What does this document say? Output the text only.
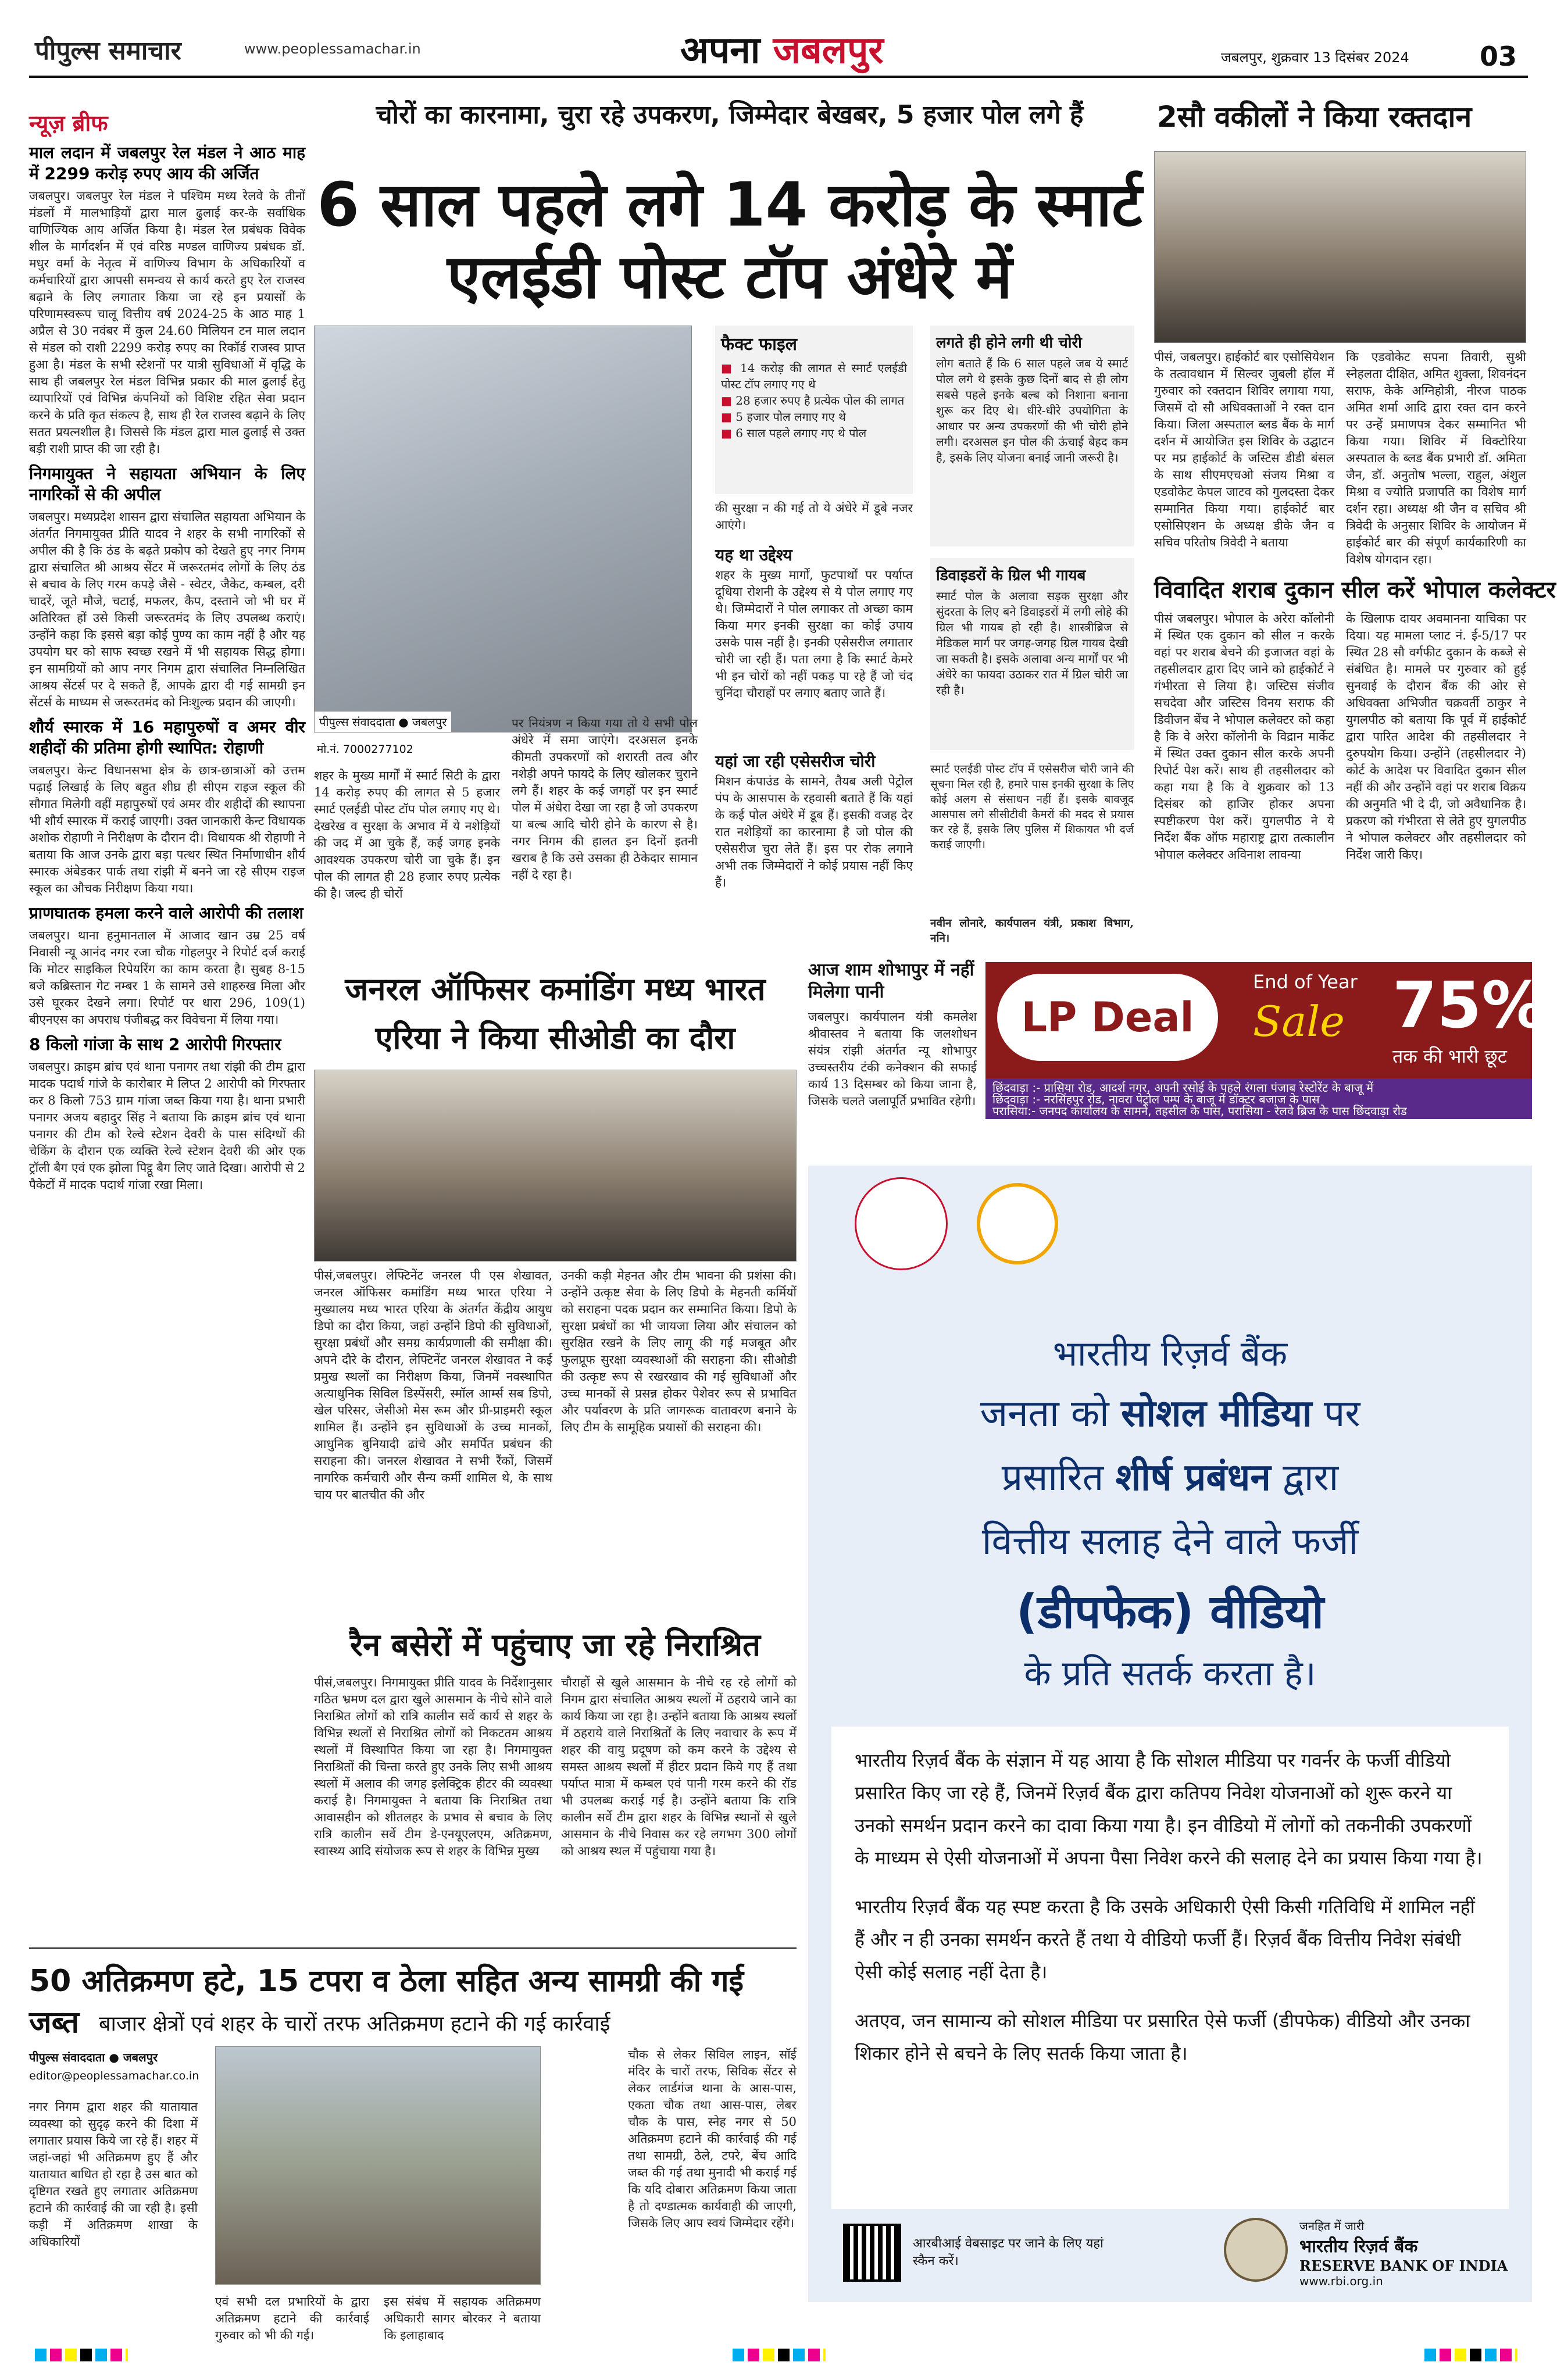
पीपुल्स समाचार	www.peoplessamachar.in	अपना जबलपुर	जबलपुर, शुक्रवार 13 दिसंबर 2024	03
न्यूज़ ब्रीफ
माल लदान में जबलपुर रेल मंडल ने आठ माह में 2299 करोड़ रुपए आय की अर्जित

जबलपुर। जबलपुर रेल मंडल ने पश्चिम मध्य रेलवे के तीनों मंडलों में मालभाड़ियों द्वारा माल ढुलाई कर-के सर्वाधिक वाणिज्यिक आय अर्जित किया है। मंडल रेल प्रबंधक विवेक शील के मार्गदर्शन में एवं वरिष्ठ मण्डल वाणिज्य प्रबंधक डॉ. मधुर वर्मा के नेतृत्व में वाणिज्य विभाग के अधिकारियों व कर्मचारियों द्वारा आपसी समन्वय से कार्य करते हुए रेल राजस्व बढ़ाने के लिए लगातार किया जा रहे इन प्रयासों के परिणामस्वरूप चालू वित्तीय वर्ष 2024-25 के आठ माह 1 अप्रैल से 30 नवंबर में कुल 24.60 मिलियन टन माल लदान से मंडल को राशी 2299 करोड़ रुपए का रिकॉर्ड राजस्व प्राप्त हुआ है। मंडल के सभी स्टेशनों पर यात्री सुविधाओं में वृद्धि के साथ ही जबलपुर रेल मंडल विभिन्न प्रकार की माल ढुलाई हेतु व्यापारियों एवं विभिन्न कंपनियों को विशिष्ट रहित सेवा प्रदान करने के प्रति कृत संकल्प है, साथ ही रेल राजस्व बढ़ाने के लिए सतत प्रयत्नशील है। जिससे कि मंडल द्वारा माल ढुलाई से उक्त बड़ी राशी प्राप्त की जा रही है।

निगमायुक्त ने सहायता अभियान के लिए नागरिकों से की अपील

जबलपुर। मध्यप्रदेश शासन द्वारा संचालित सहायता अभियान के अंतर्गत निगमायुक्त प्रीति यादव ने शहर के सभी नागरिकों से अपील की है कि ठंड के बढ़ते प्रकोप को देखते हुए नगर निगम द्वारा संचालित श्री आश्रय सेंटर में जरूरतमंद लोगों के लिए ठंड से बचाव के लिए गरम कपड़े जैसे - स्वेटर, जैकेट, कम्बल, दरी चादरें, जूते मौजे, चटाई, मफलर, कैप, दस्ताने जो भी घर में अतिरिक्त हों उसे किसी जरूरतमंद के लिए उपलब्ध कराएं। उन्होंने कहा कि इससे बड़ा कोई पुण्य का काम नहीं है और यह उपयोग घर को साफ स्वच्छ रखने में भी सहायक सिद्ध होगा। इन सामग्रियों को आप नगर निगम द्वारा संचालित निम्नलिखित आश्रय सेंटर्स पर दे सकते हैं, आपके द्वारा दी गई सामग्री इन सेंटर्स के माध्यम से जरूरतमंद को निःशुल्क प्रदान की जाएगी।

शौर्य स्मारक में 16 महापुरुषों व अमर वीर शहीदों की प्रतिमा होगी स्थापित: रोहाणी

जबलपुर। केन्ट विधानसभा क्षेत्र के छात्र-छात्राओं को उत्तम पढ़ाई लिखाई के लिए बहुत शीघ्र ही सीएम राइज स्कूल की सौगात मिलेगी वहीं महापुरुषों एवं अमर वीर शहीदों की स्थापना भी शौर्य स्मारक में कराई जाएगी। उक्त जानकारी केन्ट विधायक अशोक रोहाणी ने निरीक्षण के दौरान दी। विधायक श्री रोहाणी ने बताया कि आज उनके द्वारा बड़ा पत्थर स्थित निर्माणाधीन शौर्य स्मारक अंबेडकर पार्क तथा रांझी में बनने जा रहे सीएम राइज स्कूल का औचक निरीक्षण किया गया।

प्राणघातक हमला करने वाले आरोपी की तलाश

जबलपुर। थाना हनुमानताल में आजाद खान उम्र 25 वर्ष निवासी न्यू आनंद नगर रजा चौक गोहलपुर ने रिपोर्ट दर्ज कराई कि मोटर साइकिल रिपेयरिंग का काम करता है। सुबह 8-15 बजे कब्रिस्तान गेट नम्बर 1 के सामने उसे शाहरुख मिला और उसे घूरकर देखने लगा। रिपोर्ट पर धारा 296, 109(1) बीएनएस का अपराध पंजीबद्ध कर विवेचना में लिया गया।

8 किलो गांजा के साथ 2 आरोपी गिरफ्तार

जबलपुर। क्राइम ब्रांच एवं थाना पनागर तथा रांझी की टीम द्वारा मादक पदार्थ गांजे के कारोबार मे लिप्त 2 आरोपी को गिरफ्तार कर 8 किलो 753 ग्राम गांजा जब्त किया गया है। थाना प्रभारी पनागर अजय बहादुर सिंह ने बताया कि क्राइम ब्रांच एवं थाना पनागर की टीम को रेल्वे स्टेशन देवरी के पास संदिग्धों की चेकिंग के दौरान एक व्यक्ति रेल्वे स्टेशन देवरी की ओर एक ट्रॉली बैग एवं एक झोला पिट्ठू बैग लिए जाते दिखा। आरोपी से 2 पैकेटों में मादक पदार्थ गांजा रखा मिला।

चोरों का कारनामा, चुरा रहे उपकरण, जिम्मेदार बेखबर, 5 हजार पोल लगे हैं
6 साल पहले लगे 14 करोड़ के स्मार्ट एलईडी पोस्ट टॉप अंधेरे में
पीपुल्स संवाददाता ● जबलपुर
मो.नं. 7000277102
शहर के मुख्य मार्गों में स्मार्ट सिटी के द्वारा 14 करोड़ रुपए की लागत से 5 हजार स्मार्ट एलईडी पोस्ट टॉप पोल लगाए गए थे। देखरेख व सुरक्षा के अभाव में ये नशेड़ियों की जद में आ चुके हैं, कई जगह इनके आवश्यक उपकरण चोरी जा चुके हैं। इन पोल की लागत ही 28 हजार रुपए प्रत्येक की है। जल्द ही चोरों
पर नियंत्रण न किया गया तो ये सभी पोल अंधेरे में समा जाएंगे। दरअसल इनके कीमती उपकरणों को शरारती तत्व और नशेड़ी अपने फायदे के लिए खोलकर चुराने लगे हैं। शहर के कई जगहों पर इन स्मार्ट पोल में अंधेरा देखा जा रहा है जो उपकरण या बल्ब आदि चोरी होने के कारण से है। नगर निगम की हालत इन दिनों इतनी खराब है कि उसे उसका ही ठेकेदार सामान नहीं दे रहा है।
फैक्ट फाइल
■ 14 करोड़ की लागत से स्मार्ट एलईडी पोस्ट टॉप लगाए गए थे
■ 28 हजार रुपए है प्रत्येक पोल की लागत
■ 5 हजार पोल लगाए गए थे
■ 6 साल पहले लगाए गए थे पोल
की सुरक्षा न की गई तो ये अंधेरे में डूबे नजर आएंगे।
यह था उद्देश्य
शहर के मुख्य मार्गों, फुटपाथों पर पर्याप्त दूधिया रोशनी के उद्देश्य से ये पोल लगाए गए थे। जिम्मेदारों ने पोल लगाकर तो अच्छा काम किया मगर इनकी सुरक्षा का कोई उपाय उसके पास नहीं है। इनकी एसेसरीज लगातार चोरी जा रही हैं। पता लगा है कि स्मार्ट केमरे भी इन चोरों को नहीं पकड़ पा रहे हैं जो चंद चुनिंदा चौराहों पर लगाए बताए जाते हैं।
यहां जा रही एसेसरीज चोरी
मिशन कंपाउंड के सामने, तैयब अली पेट्रोल पंप के आसपास के रहवासी बताते हैं कि यहां के कई पोल अंधेरे में डूब हैं। इसकी वजह देर रात नशेड़ियों का कारनामा है जो पोल की एसेसरीज चुरा लेते हैं। इस पर रोक लगाने अभी तक जिम्मेदारों ने कोई प्रयास नहीं किए हैं।
लगते ही होने लगी थी चोरी
लोग बताते हैं कि 6 साल पहले जब ये स्मार्ट पोल लगे थे इसके कुछ दिनों बाद से ही लोग सबसे पहले इनके बल्ब को निशाना बनाना शुरू कर दिए थे। धीरे-धीरे उपयोगिता के आधार पर अन्य उपकरणों की भी चोरी होने लगी। दरअसल इन पोल की ऊंचाई बेहद कम है, इसके लिए योजना बनाई जानी जरूरी है।
डिवाइडरों के ग्रिल भी गायब
स्मार्ट पोल के अलावा सड़क सुरक्षा और सुंदरता के लिए बने डिवाइडरों में लगी लोहे की ग्रिल भी गायब हो रही है। शास्त्रीब्रिज से मेडिकल मार्ग पर जगह-जगह ग्रिल गायब देखी जा सकती है। इसके अलावा अन्य मार्गों पर भी अंधेरे का फायदा उठाकर रात में ग्रिल चोरी जा रही है।
स्मार्ट एलईडी पोस्ट टॉप में एसेसरीज चोरी जाने की सूचना मिल रही है, हमारे पास इनकी सुरक्षा के लिए कोई अलग से संसाधन नहीं हैं। इसके बावजूद आसपास लगे सीसीटीवी कैमरों की मदद से प्रयास कर रहे हैं, इसके लिए पुलिस में शिकायत भी दर्ज कराई जाएगी।
नवीन लोनारे, कार्यपालन यंत्री, प्रकाश विभाग, ननि।
2सौ वकीलों ने किया रक्तदान
पीसं, जबलपुर। हाईकोर्ट बार एसोसियेशन के तत्वावधान में सिल्वर जुबली हॉल में गुरुवार को रक्तदान शिविर लगाया गया, जिसमें दो सौ अधिवक्ताओं ने रक्त दान किया। जिला अस्पताल ब्लड बैंक के मार्ग दर्शन में आयोजित इस शिविर के उद्घाटन पर मप्र हाईकोर्ट के जस्टिस डीडी बंसल के साथ सीएमएचओ संजय मिश्रा व एडवोकेट केपल जाटव को गुलदस्ता देकर सम्मानित किया गया। हाईकोर्ट बार एसोसिएशन के अध्यक्ष डीके जैन व सचिव परितोष त्रिवेदी ने बताया
कि एडवोकेट सपना तिवारी, सुश्री स्नेहलता दीक्षित, अमित शुक्ला, शिवनंदन सराफ, केके अग्निहोत्री, नीरज पाठक अमित शर्मा आदि द्वारा रक्त दान करने पर उन्हें प्रमाणपत्र देकर सम्मानित भी किया गया। शिविर में विक्टोरिया अस्पताल के ब्लड बैंक प्रभारी डॉ. अमिता जैन, डॉ. अनुतोष भल्ला, राहुल, अंशुल मिश्रा व ज्योति प्रजापति का विशेष मार्ग दर्शन रहा। अध्यक्ष श्री जैन व सचिव श्री त्रिवेदी के अनुसार शिविर के आयोजन में हाईकोर्ट बार की संपूर्ण कार्यकारिणी का विशेष योगदान रहा।
विवादित शराब दुकान सील करें भोपाल कलेक्टर
पीसं जबलपुर। भोपाल के अरेरा कॉलोनी में स्थित एक दुकान को सील न करके वहां पर शराब बेचने की इजाजत वहां के तहसीलदार द्वारा दिए जाने को हाईकोर्ट ने गंभीरता से लिया है। जस्टिस संजीव सचदेवा और जस्टिस विनय सराफ की डिवीजन बेंच ने भोपाल कलेक्टर को कहा है कि वे अरेरा कॉलोनी के विद्रान मार्केट में स्थित उक्त दुकान सील करके अपनी रिपोर्ट पेश करें। साथ ही तहसीलदार को कहा गया है कि वे शुक्रवार को 13 दिसंबर को हाजिर होकर अपना स्पष्टीकरण पेश करें। युगलपीठ ने ये निर्देश बैंक ऑफ महाराष्ट्र द्वारा तत्कालीन भोपाल कलेक्टर अविनाश लावन्या
के खिलाफ दायर अवमानना याचिका पर दिया। यह मामला प्लाट नं. ई-5/17 पर स्थित 28 सौ वर्गफीट दुकान के कब्जे से संबंधित है। मामले पर गुरुवार को हुई सुनवाई के दौरान बैंक की ओर से अधिवक्ता अभिजीत चक्रवर्ती ठाकुर ने युगलपीठ को बताया कि पूर्व में हाईकोर्ट द्वारा पारित आदेश की तहसीलदार ने दुरुपयोग किया। उन्होंने (तहसीलदार ने) कोर्ट के आदेश पर विवादित दुकान सील नहीं की और उन्होंने वहां पर शराब विक्रय की अनुमति भी दे दी, जो अवैधानिक है। प्रकरण को गंभीरता से लेते हुए युगलपीठ ने भोपाल कलेक्टर और तहसीलदार को निर्देश जारी किए।
जनरल ऑफिसर कमांडिंग मध्य भारत एरिया ने किया सीओडी का दौरा
पीसं,जबलपुर। लेफ्टिनेंट जनरल पी एस शेखावत, जनरल ऑफिसर कमांडिंग मध्य भारत एरिया ने मुख्यालय मध्य भारत एरिया के अंतर्गत केंद्रीय आयुध डिपो का दौरा किया, जहां उन्होंने डिपो की सुविधाओं, सुरक्षा प्रबंधों और समग्र कार्यप्रणाली की समीक्षा की। अपने दौरे के दौरान, लेफ्टिनेंट जनरल शेखावत ने कई प्रमुख स्थलों का निरीक्षण किया, जिनमें नवस्थापित अत्याधुनिक सिविल डिस्पेंसरी, स्मॉल आर्म्स सब डिपो, खेल परिसर, जेसीओ मेस रूम और प्री-प्राइमरी स्कूल शामिल हैं। उन्होंने इन सुविधाओं के उच्च मानकों, आधुनिक बुनियादी ढांचे और समर्पित प्रबंधन की सराहना की। जनरल शेखावत ने सभी रैंकों, जिसमें नागरिक कर्मचारी और सैन्य कर्मी शामिल थे, के साथ चाय पर बातचीत की और
उनकी कड़ी मेहनत और टीम भावना की प्रशंसा की। उन्होंने उत्कृष्ट सेवा के लिए डिपो के मेहनती कर्मियों को सराहना पदक प्रदान कर सम्मानित किया। डिपो के सुरक्षा प्रबंधों का भी जायजा लिया और संचालन को सुरक्षित रखने के लिए लागू की गई मजबूत और फुलप्रूफ सुरक्षा व्यवस्थाओं की सराहना की। सीओडी की उत्कृष्ट रूप से रखरखाव की गई सुविधाओं और उच्च मानकों से प्रसन्न होकर पेशेवर रूप से प्रभावित और पर्यावरण के प्रति जागरूक वातावरण बनाने के लिए टीम के सामूहिक प्रयासों की सराहना की।
आज शाम शोभापुर में नहीं मिलेगा पानी
जबलपुर। कार्यपालन यंत्री कमलेश श्रीवास्तव ने बताया कि जलशोधन संयंत्र रांझी अंतर्गत न्यू शोभापुर उच्चस्तरीय टंकी कनेक्शन की सफाई कार्य 13 दिसम्बर को किया जाना है, जिसके चलते जलापूर्ति प्रभावित रहेगी।
रैन बसेरों में पहुंचाए जा रहे निराश्रित
पीसं,जबलपुर। निगमायुक्त प्रीति यादव के निर्देशानुसार गठित भ्रमण दल द्वारा खुले आसमान के नीचे सोने वाले निराश्रित लोगों को रात्रि कालीन सर्वे कार्य से शहर के विभिन्न स्थलों से निराश्रित लोगों को निकटतम आश्रय स्थलों में विस्थापित किया जा रहा है। निगमायुक्त निराश्रितों की चिन्ता करते हुए उनके लिए सभी आश्रय स्थलों में अलाव की जगह इलेक्ट्रिक हीटर की व्यवस्था कराई है। निगमायुक्त ने बताया कि निराश्रित तथा आवासहीन को शीतलहर के प्रभाव से बचाव के लिए रात्रि कालीन सर्वे टीम डे-एनयूएलएम, अतिक्रमण, स्वास्थ्य आदि संयोजक रूप से शहर के विभिन्न मुख्य
चौराहों से खुले आसमान के नीचे रह रहे लोगों को निगम द्वारा संचालित आश्रय स्थलों में ठहराये जाने का कार्य किया जा रहा है। उन्होंने बताया कि आश्रय स्थलों में ठहराये वाले निराश्रितों के लिए नवाचार के रूप में शहर की वायु प्रदूषण को कम करने के उद्देश्य से समस्त आश्रय स्थलों में हीटर प्रदान किये गए हैं तथा पर्याप्त मात्रा में कम्बल एवं पानी गरम करने की रॉड भी उपलब्ध कराई गई है। उन्होंने बताया कि रात्रि कालीन सर्वे टीम द्वारा शहर के विभिन्न स्थानों से खुले आसमान के नीचे निवास कर रहे लगभग 300 लोगों को आश्रय स्थल में पहुंचाया गया है।
50 अतिक्रमण हटे, 15 टपरा व ठेला सहित अन्य सामग्री की गई जब्त बाजार क्षेत्रों एवं शहर के चारों तरफ अतिक्रमण हटाने की गई कार्रवाई
पीपुल्स संवाददाता ● जबलपुर
editor@peoplessamachar.co.in
नगर निगम द्वारा शहर की यातायात व्यवस्था को सुदृढ़ करने की दिशा में लगातार प्रयास किये जा रहे हैं। शहर में जहां-जहां भी अतिक्रमण हुए हैं और यातायात बाधित हो रहा है उस बात को दृष्टिगत रखते हुए लगातार अतिक्रमण हटाने की कार्रवाई की जा रही है। इसी कड़ी में अतिक्रमण शाखा के अधिकारियों
एवं सभी दल प्रभारियों के द्वारा अतिक्रमण हटाने की कार्रवाई गुरुवार को भी की गई।
इस संबंध में सहायक अतिक्रमण अधिकारी सागर बोरकर ने बताया कि इलाहाबाद
चौक से लेकर सिविल लाइन, सॉई मंदिर के चारों तरफ, सिविक सेंटर से लेकर लार्डगंज थाना के आस-पास, एकता चौक तथा आस-पास, लेबर चौक के पास, स्नेह नगर से 50 अतिक्रमण हटाने की कार्रवाई की गई तथा सामग्री, ठेले, टपरे, बेंच आदि जब्त की गई तथा मुनादी भी कराई गई कि यदि दोबारा अतिक्रमण किया जाता है तो दण्डात्मक कार्यवाही की जाएगी, जिसके लिए आप स्वयं जिम्मेदार रहेंगे।
LP Deal
End of Year
Sale 75%
तक की भारी छूट
छिंदवाड़ा :- प्रासिया रोड, आदर्श नगर, अपनी रसोई के पहले रंगला पंजाब रेस्टोरेंट के बाजू में
छिंदवाड़ा :- नरसिंहपुर रोड, नावरा पेट्रोल पम्प के बाजू में डॉक्टर बजाज के पास
परासिया:- जनपद कार्यालय के सामने, तहसील के पास, परासिया - रेलवे ब्रिज के पास छिंदवाड़ा रोड
भारतीय रिज़र्व बैंक
जनता को सोशल मीडिया पर
प्रसारित शीर्ष प्रबंधन द्वारा
वित्तीय सलाह देने वाले फर्जी
(डीपफेक) वीडियो
के प्रति सतर्क करता है।

भारतीय रिज़र्व बैंक के संज्ञान में यह आया है कि सोशल मीडिया पर गवर्नर के फर्जी वीडियो प्रसारित किए जा रहे हैं, जिनमें रिज़र्व बैंक द्वारा कतिपय निवेश योजनाओं को शुरू करने या उनको समर्थन प्रदान करने का दावा किया गया है। इन वीडियो में लोगों को तकनीकी उपकरणों के माध्यम से ऐसी योजनाओं में अपना पैसा निवेश करने की सलाह देने का प्रयास किया गया है।

भारतीय रिज़र्व बैंक यह स्पष्ट करता है कि उसके अधिकारी ऐसी किसी गतिविधि में शामिल नहीं हैं और न ही उनका समर्थन करते हैं तथा ये वीडियो फर्जी हैं। रिज़र्व बैंक वित्तीय निवेश संबंधी ऐसी कोई सलाह नहीं देता है।

अतएव, जन सामान्य को सोशल मीडिया पर प्रसारित ऐसे फर्जी (डीपफेक) वीडियो और उनका शिकार होने से बचने के लिए सतर्क किया जाता है।

आरबीआई वेबसाइट पर जाने के लिए यहां स्कैन करें।
जनहित में जारी
भारतीय रिज़र्व बैंक
RESERVE BANK OF INDIA
www.rbi.org.in
